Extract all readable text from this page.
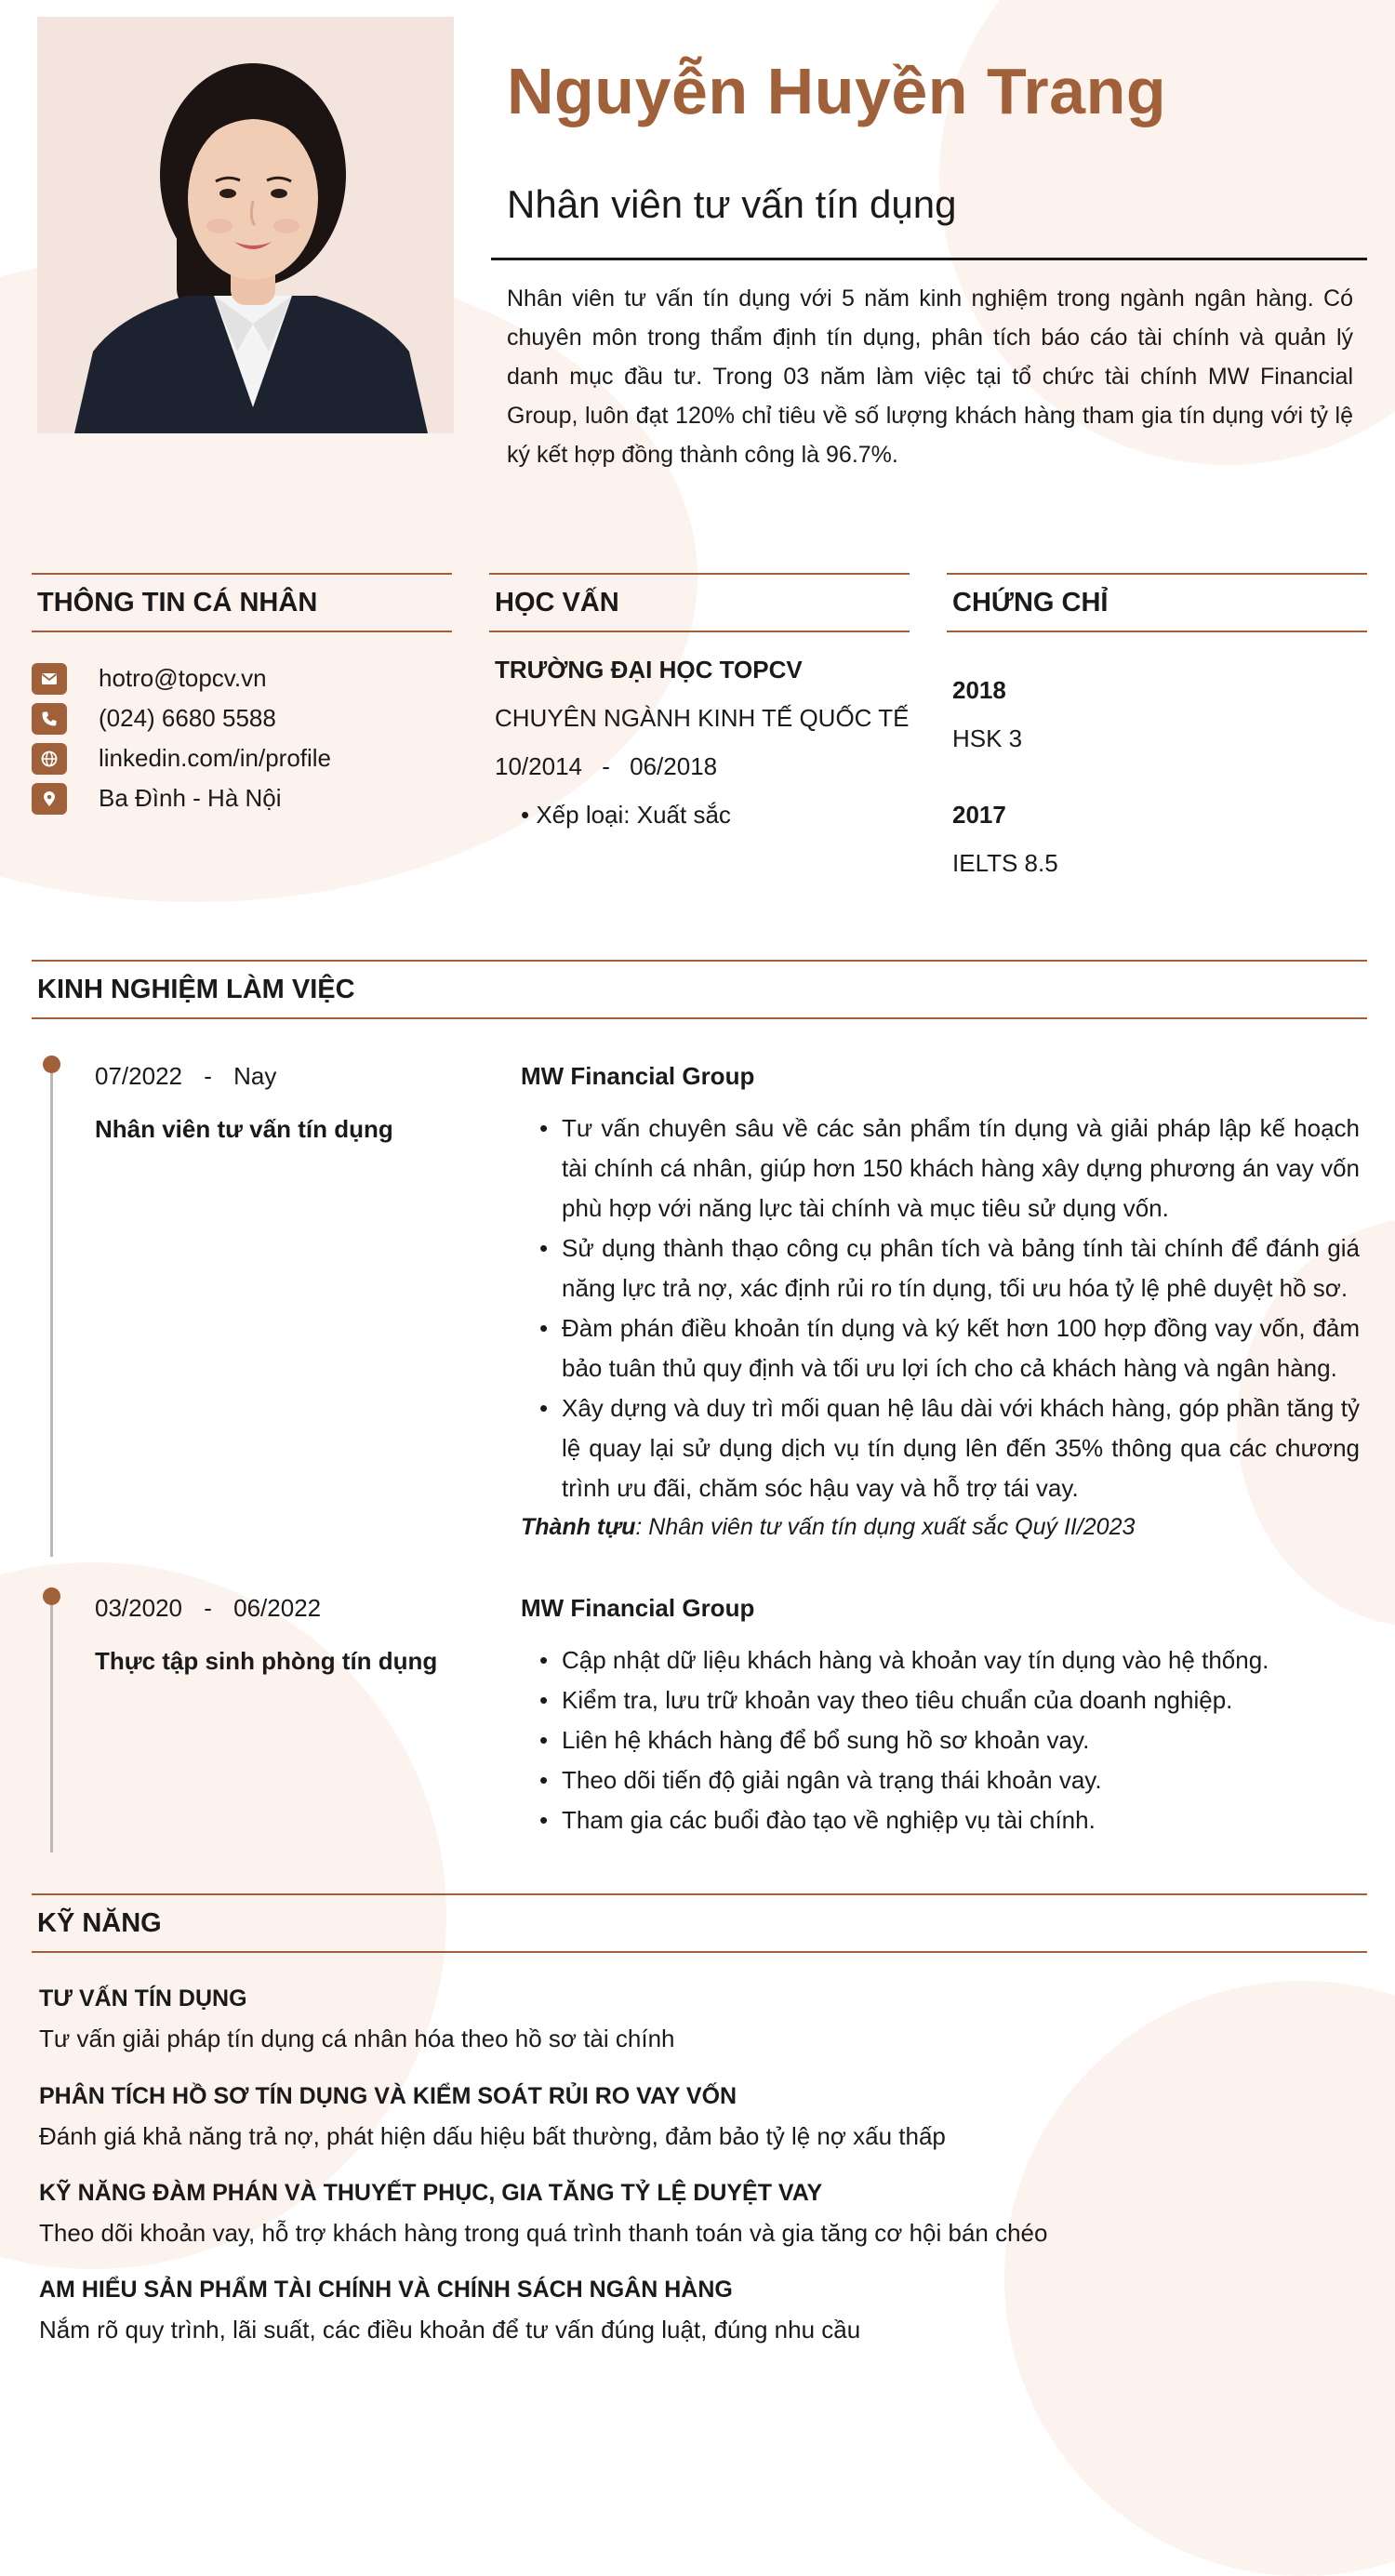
Nguyễn Huyền Trang
Nhân viên tư vấn tín dụng

Nhân viên tư vấn tín dụng với 5 năm kinh nghiệm trong ngành ngân hàng. Có chuyên môn trong thẩm định tín dụng, phân tích báo cáo tài chính và quản lý danh mục đầu tư. Trong 03 năm làm việc tại tổ chức tài chính MW Financial Group, luôn đạt 120% chỉ tiêu về số lượng khách hàng tham gia tín dụng với tỷ lệ ký kết hợp đồng thành công là 96.7%.

THÔNG TIN CÁ NHÂN	HỌC VẤN	CHỨNG CHỈ
hotro@topcv.vn
(024) 6680 5588
linkedin.com/in/profile
Ba Đình - Hà Nội
TRƯỜNG ĐẠI HỌC TOPCV
CHUYÊN NGÀNH KINH TẾ QUỐC TẾ
10/2014 - 06/2018
• Xếp loại: Xuất sắc
2018
HSK 3
2017
IELTS 8.5
KINH NGHIỆM LÀM VIỆC
07/2022 - Nay
Nhân viên tư vấn tín dụng
MW Financial Group
• Tư vấn chuyên sâu về các sản phẩm tín dụng và giải pháp lập kế hoạch tài chính cá nhân, giúp hơn 150 khách hàng xây dựng phương án vay vốn phù hợp với năng lực tài chính và mục tiêu sử dụng vốn.
• Sử dụng thành thạo công cụ phân tích và bảng tính tài chính để đánh giá năng lực trả nợ, xác định rủi ro tín dụng, tối ưu hóa tỷ lệ phê duyệt hồ sơ.
• Đàm phán điều khoản tín dụng và ký kết hơn 100 hợp đồng vay vốn, đảm bảo tuân thủ quy định và tối ưu lợi ích cho cả khách hàng và ngân hàng.
• Xây dựng và duy trì mối quan hệ lâu dài với khách hàng, góp phần tăng tỷ lệ quay lại sử dụng dịch vụ tín dụng lên đến 35% thông qua các chương trình ưu đãi, chăm sóc hậu vay và hỗ trợ tái vay.
Thành tựu: Nhân viên tư vấn tín dụng xuất sắc Quý II/2023
03/2020 - 06/2022
Thực tập sinh phòng tín dụng
MW Financial Group
• Cập nhật dữ liệu khách hàng và khoản vay tín dụng vào hệ thống.
• Kiểm tra, lưu trữ khoản vay theo tiêu chuẩn của doanh nghiệp.
• Liên hệ khách hàng để bổ sung hồ sơ khoản vay.
• Theo dõi tiến độ giải ngân và trạng thái khoản vay.
• Tham gia các buổi đào tạo về nghiệp vụ tài chính.
KỸ NĂNG
TƯ VẤN TÍN DỤNG
Tư vấn giải pháp tín dụng cá nhân hóa theo hồ sơ tài chính
PHÂN TÍCH HỒ SƠ TÍN DỤNG VÀ KIỂM SOÁT RỦI RO VAY VỐN
Đánh giá khả năng trả nợ, phát hiện dấu hiệu bất thường, đảm bảo tỷ lệ nợ xấu thấp
KỸ NĂNG ĐÀM PHÁN VÀ THUYẾT PHỤC, GIA TĂNG TỶ LỆ DUYỆT VAY
Theo dõi khoản vay, hỗ trợ khách hàng trong quá trình thanh toán và gia tăng cơ hội bán chéo
AM HIỂU SẢN PHẨM TÀI CHÍNH VÀ CHÍNH SÁCH NGÂN HÀNG
Nắm rõ quy trình, lãi suất, các điều khoản để tư vấn đúng luật, đúng nhu cầu
